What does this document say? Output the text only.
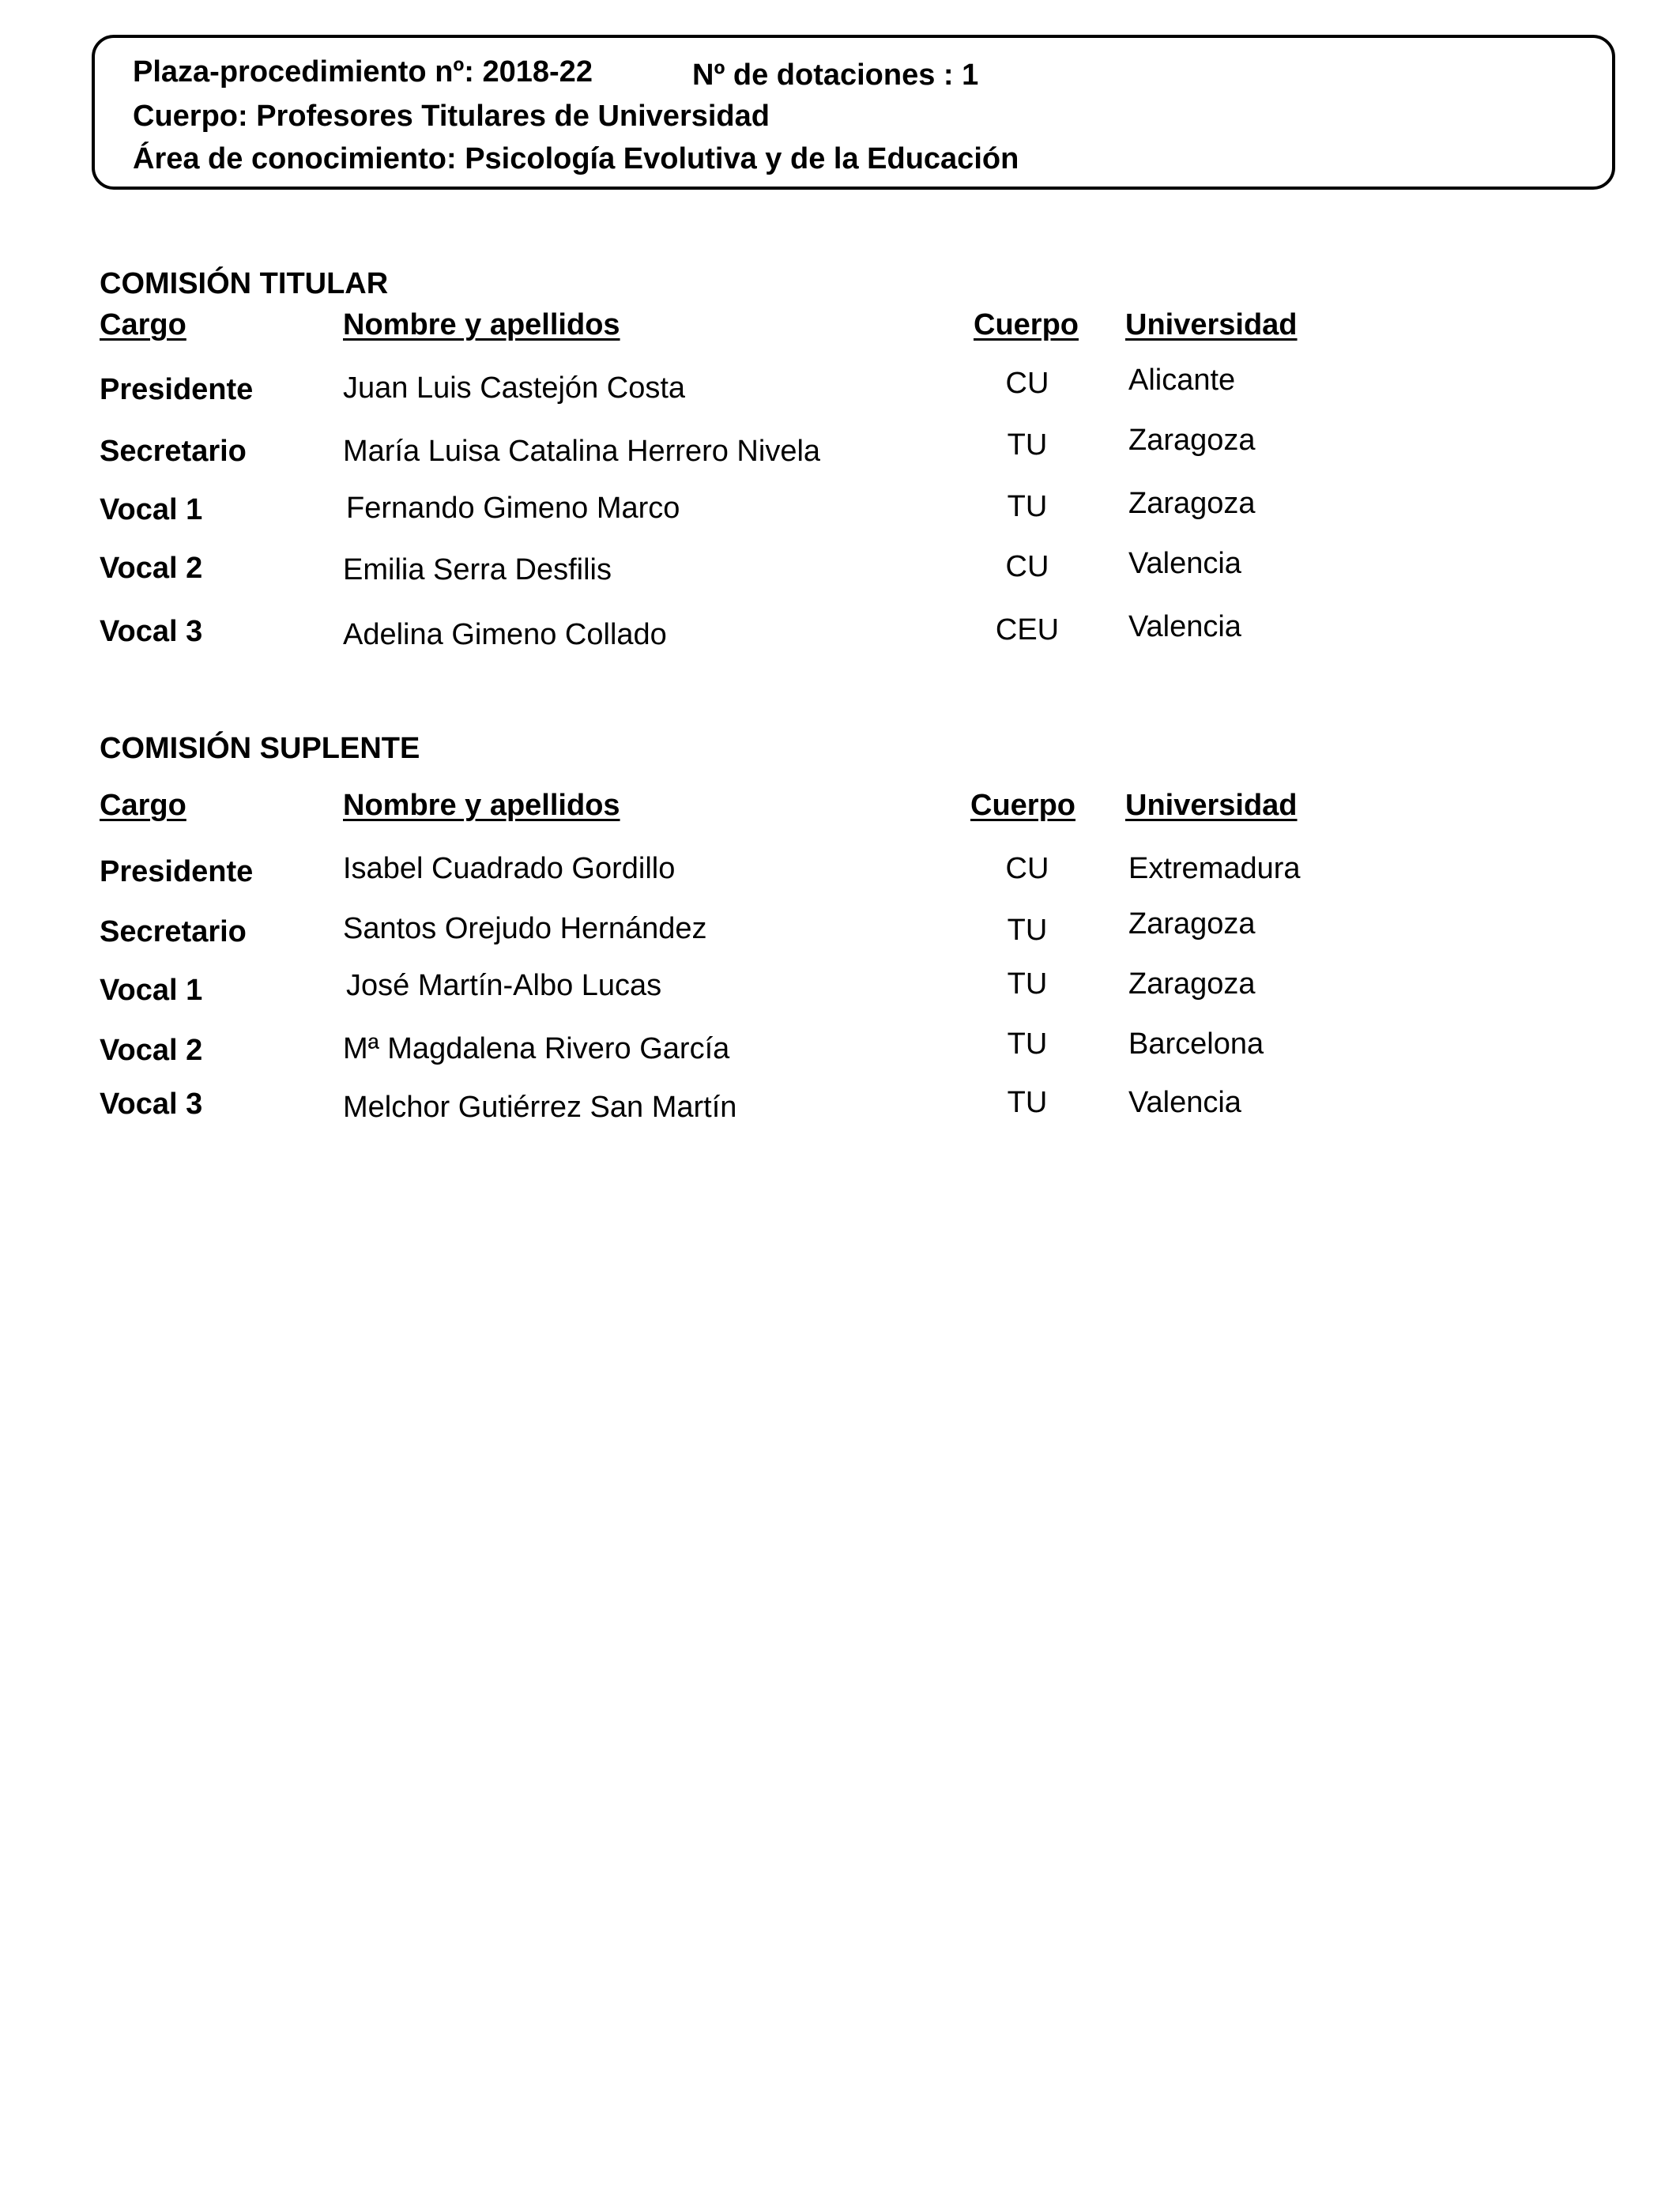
Plaza-procedimiento nº: 2018-22	Nº de dotaciones : 1
Cuerpo: Profesores Titulares de Universidad
Área de conocimiento: Psicología Evolutiva y de la Educación
COMISIÓN TITULAR
Cargo	Nombre y apellidos	Cuerpo Universidad
Presidente	Juan Luis Castejón Costa	CU	Alicante
Secretario	María Luisa Catalina Herrero Nivela	TU	Zaragoza
Vocal 1	Fernando Gimeno Marco	TU	Zaragoza
Vocal 2	Emilia Serra Desfilis	CU	Valencia
Vocal 3	Adelina Gimeno Collado	CEU	Valencia
COMISIÓN SUPLENTE
Cargo	Nombre y apellidos	Cuerpo Universidad
Presidente	Isabel Cuadrado Gordillo	CU	Extremadura
Secretario	Santos Orejudo Hernández	TU	Zaragoza
Vocal 1	José Martín-Albo Lucas	TU	Zaragoza
Vocal 2	Mª Magdalena Rivero García	TU	Barcelona
Vocal 3	Melchor Gutiérrez San Martín	TU	Valencia
